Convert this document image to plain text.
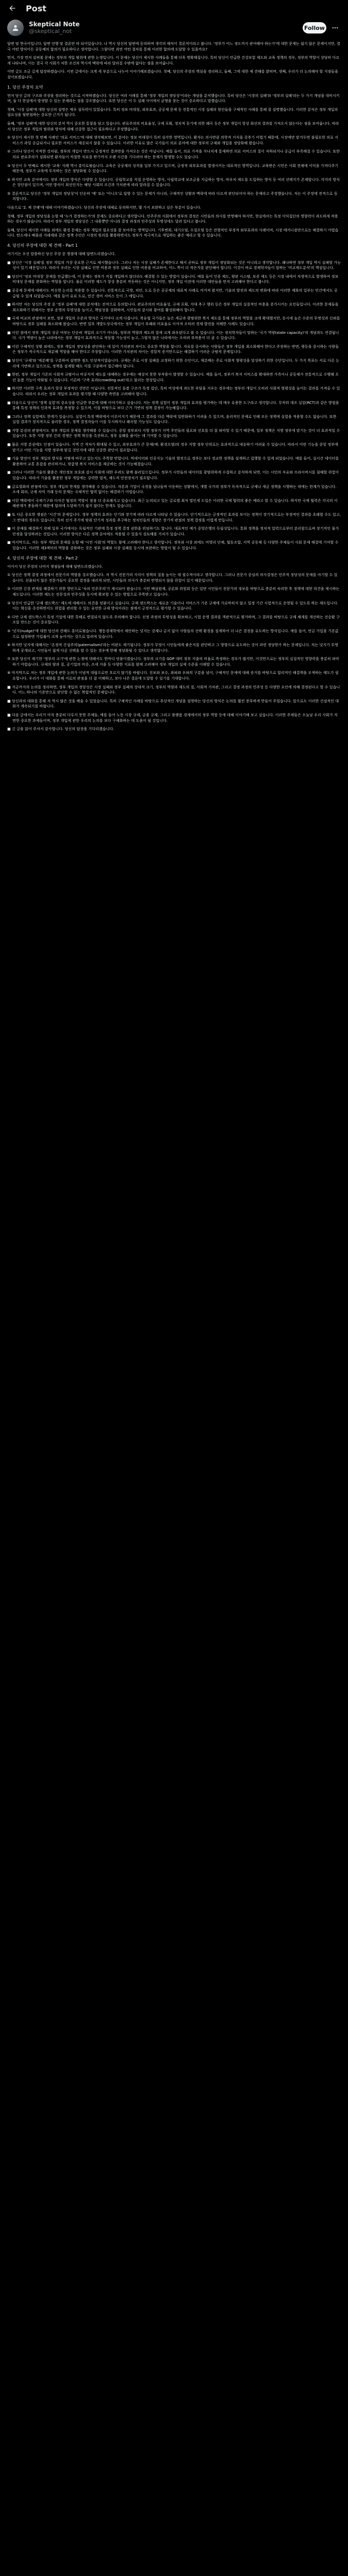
Post
Skeptical Note
@skeptical_not	Follow

답변 및 한국어입니다. 답변 언행 및 결론만 따 되어있습니다. 나 역시 당신의 답변에 동의하며 생각의 해석이 결론적이라고 봅니다. '정부가 어느 정도까지 관여해야 하는가'에 대한 문제는 쉽지 않은 문제이지만, 결국 어떤 방식이든 공동체의 합의가 필요하다고 생각합니다. 그렇다면 과연 어떤 절차를 통해 이러한 합의에 도달할 수 있을까요?

먼저, 가장 먼저 살펴볼 문제는 정부의 개입 범위에 관한 논쟁입니다. 이 문제는 당신이 제시한 사례들을 통해 더욱 명확해집니다. 특히 당신이 언급한 건강보험 제도와 교육 정책의 경우, 정부의 역할이 상당히 다르게 나타나며, 이는 결국 각 사회가 처한 조건과 역사적 맥락에 따라 달라질 수밖에 없다는 점을 보여줍니다.

이번 글도 조금 길게 답장하겠습니다. 이번 글에서는 크게 세 부분으로 나누어 이야기해보겠습니다. 첫째, 당신의 주장의 핵심을 정리하고, 둘째, 그에 대한 제 견해를 밝히며, 셋째, 우리가 더 논의해야 할 지점들을 짚어보겠습니다.

1. 당신 주장의 요약

먼저 당신 글의 구조와 주장을 정리하는 것으로 시작하겠습니다. 당신은 여러 사례를 통해 '정부 개입의 정당성'이라는 개념을 분석했습니다. 특히 당신은 '시장의 실패'와 '정부의 실패'라는 두 가지 개념을 대비시키며, 둘 다 현실에서 발생할 수 있는 문제라는 점을 강조했습니다. 또한 당신은 이 두 실패 사이에서 균형을 찾는 것이 중요하다고 말했습니다.

첫째, '시장 실패'에 대한 당신의 설명은 매우 설득력이 있었습니다. 특히 정보 비대칭, 외부효과, 공공재 문제 등 전통적인 시장 실패의 원인들을 구체적인 사례를 통해 잘 설명했습니다. 이러한 분석은 정부 개입의 필요성을 뒷받침하는 중요한 근거가 됩니다.

둘째, '정부 실패'에 대한 당신의 분석 역시 중요한 통찰을 담고 있습니다. 관료주의의 비효율성, 규제 포획, 정치적 동기에 의한 왜곡 등은 정부 개입이 항상 최선의 결과를 가져오지 않는다는 점을 보여줍니다. 따라서 당신은 정부 개입의 범위와 방식에 대해 신중한 접근이 필요하다고 주장했습니다.

① 당신이 제시한 첫 번째 사례인 '의료 서비스'에 대해 생각해보면, 이 분야는 정보 비대칭이 특히 심각한 영역입니다. 환자는 의사만큼 의학적 지식을 갖추기 어렵기 때문에, 시장에만 맡겨두면 불필요한 의료 서비스가 과잉 공급되거나 필요한 서비스가 제공되지 않을 수 있습니다. 이러한 이유로 많은 국가들이 의료 분야에 대한 정부의 규제와 개입을 정당화해 왔습니다.
② 그러나 당신이 지적한 것처럼, 정부의 개입이 반드시 긍정적인 결과만을 가져오는 것은 아닙니다. 예를 들어, 의료 가격을 지나치게 통제하면 의료 서비스의 질이 저하되거나 공급이 부족해질 수 있습니다. 또한 의료 관료주의가 심화되면 환자들이 적절한 치료를 받기까지 오랜 시간을 기다려야 하는 문제가 발생할 수도 있습니다.
③ 당신이 두 번째로 제시한 '교육' 사례 역시 흥미로웠습니다. 교육은 공공재의 성격을 일부 가지고 있으며, 긍정적 외부효과를 발생시키는 대표적인 영역입니다. 교육받은 시민은 사회 전체에 이익을 가져다주기 때문에, 정부가 교육에 투자하는 것은 정당화될 수 있습니다.
④ 하지만 교육 분야에서도 정부 개입의 방식은 다양할 수 있습니다. 공립학교를 직접 운영하는 방식, 사립학교에 보조금을 지급하는 방식, 바우처 제도를 도입하는 방식 등 여러 선택지가 존재합니다. 각각의 방식은 장단점이 있으며, 어떤 방식이 최선인지는 해당 사회의 조건과 가치관에 따라 달라질 수 있습니다.
⑤ 결론적으로 당신은 '정부 개입의 정당성'이 단순히 '예' 또는 '아니오'로 답할 수 있는 문제가 아니라, 구체적인 상황과 맥락에 따라 다르게 판단되어야 하는 문제라고 주장했습니다. 저는 이 주장에 전적으로 동의합니다.

다음으로 '2. 제 견해'에 대해 이야기하겠습니다. 당신의 주장에 대체로 동의하지만, 몇 가지 보완하고 싶은 부분이 있습니다.

첫째, 정부 개입의 정당성을 논할 때 '누가 결정하는가'의 문제도 중요하다고 생각합니다. 민주주의 사회에서 정부의 결정은 시민들의 의사를 반영해야 하지만, 현실에서는 특정 이익집단의 영향력이 과도하게 작용하는 경우가 많습니다. 따라서 정부 개입의 정당성은 그 내용뿐만 아니라 결정 과정의 민주성과 투명성에도 달려 있다고 봅니다.

둘째, 당신이 제시한 사례들 외에도 환경 문제는 정부 개입의 필요성을 잘 보여주는 영역입니다. 기후변화, 대기오염, 수질오염 등은 전형적인 부정적 외부효과의 사례이며, 시장 메커니즘만으로는 해결하기 어렵습니다. 탄소세나 배출권 거래제와 같은 정책 수단은 시장의 원리를 활용하면서도 정부가 적극적으로 개입하는 좋은 예라고 할 수 있습니다.

4. 당신의 주장에 대한 제 견해 - Part 1

여기서는 우선 말씀하신 당신 주장 중 쟁점에 대해 답변드리겠습니다.

■ 당신은 '시장 실패'를 정부 개입의 가장 중요한 근거로 제시했습니다. 그러나 저는 시장 실패가 존재한다고 해서 곧바로 정부 개입이 정당화되는 것은 아니라고 생각합니다. 왜냐하면 정부 개입 역시 실패할 가능성이 있기 때문입니다. 따라서 우리는 시장 실패로 인한 비용과 정부 실패로 인한 비용을 비교하여, 어느 쪽이 더 작은지를 판단해야 합니다. 이것이 바로 경제학자들이 말하는 '비교제도분석'의 핵심입니다.
■ 당신이 '정보 비대칭' 문제를 언급했는데, 이 문제는 정부가 직접 개입하지 않더라도 해결할 수 있는 방법이 있습니다. 예를 들어 인증 제도, 평판 시스템, 보증 제도 등은 시장 내에서 자생적으로 발생하여 정보 비대칭 문제를 완화하는 역할을 합니다. 물론 이러한 제도가 항상 충분히 작동하는 것은 아니지만, 정부 개입 이전에 이러한 대안들을 먼저 고려해야 한다고 봅니다.
■ 공공재 문제에 대해서도 비슷한 논리를 적용할 수 있습니다. 전통적으로 국방, 치안, 도로 등은 공공재의 대표적 사례로 여겨져 왔지만, 기술의 발전과 제도의 변화에 따라 이러한 재화의 일부는 민간에서도 공급될 수 있게 되었습니다. 예를 들어 유료 도로, 민간 경비 서비스 등이 그 예입니다.
■ 하지만 저는 당신의 주장 중 '정부 실패'에 대한 분석에는 전적으로 동의합니다. 관료주의의 비효율성, 규제 포획, 지대 추구 행위 등은 정부 개입의 실질적인 비용을 증가시키는 요인들입니다. 이러한 문제들을 최소화하기 위해서는 정부 운영의 투명성을 높이고, 책임성을 강화하며, 시민들의 감시와 참여를 활성화해야 합니다.
■ 국제 비교의 관점에서 보면, 정부 개입의 수준과 방식은 국가마다 크게 다릅니다. 북유럽 국가들은 높은 세금과 광범위한 복지 제도를 통해 정부의 역할을 크게 확대했지만, 동시에 높은 수준의 투명성과 신뢰를 바탕으로 정부 실패를 최소화해 왔습니다. 반면 일부 개발도상국에서는 정부 개입이 부패와 비효율로 이어져 오히려 경제 발전을 저해한 사례도 있습니다.
■ 이런 점에서 정부 개입의 성공 여부는 단순히 개입의 크기가 아니라, 정부의 역량과 제도의 질에 크게 좌우된다고 볼 수 있습니다. 이는 정치학자들이 말하는 '국가 역량(state capacity)'의 개념과도 연결됩니다. 국가 역량이 높은 나라에서는 정부 개입이 효과적으로 작동할 가능성이 높고, 그렇지 않은 나라에서는 오히려 부작용이 더 클 수 있습니다.
■ 이런 구체적인 상황 외에도, 정부 개입의 정당성을 판단하는 데 있어 가치관의 차이도 중요한 역할을 합니다. 자유를 중시하는 사람들은 정부 개입을 최소화해야 한다고 주장하는 반면, 평등을 중시하는 사람들은 정부가 적극적으로 재분배 역할을 해야 한다고 주장합니다. 이러한 가치관의 차이는 경험적 증거만으로는 해결하기 어려운 규범적 문제입니다.
■ 당신이 '규제'와 '재분배'를 구분하여 설명한 점도 인상적이었습니다. 규제는 주로 시장 실패를 교정하기 위한 수단이고, 재분배는 주로 사회적 형평성을 달성하기 위한 수단입니다. 두 가지 목표는 서로 다른 논리에 기반하고 있으므로, 정책을 설계할 때도 이를 구분하여 접근해야 합니다.
■ 한편, 정부 개입이 기존의 사회적 규범이나 비공식적 제도를 대체하는 경우에는 예상치 못한 부작용이 발생할 수 있습니다. 예를 들어, 정부가 복지 서비스를 확대하면 가족이나 공동체가 전통적으로 수행해 오던 돌봄 기능이 약화될 수 있습니다. 이른바 '구축 효과(crowding out)'라고 불리는 현상입니다.
■ 하지만 이러한 구축 효과가 항상 부정적인 것만은 아닙니다. 전통적인 돌봄 구조가 특정 집단, 특히 여성에게 과도한 부담을 지우는 경우에는 정부의 개입이 오히려 사회적 형평성을 높이는 결과를 가져올 수 있습니다. 따라서 우리는 정부 개입의 효과를 평가할 때 다양한 측면을 고려해야 합니다.
■ 다음으로 당신이 '정책 실험'의 중요성을 언급한 부분에 대해 이야기하고 싶습니다. 저는 정책 실험이 정부 개입의 효과를 평가하는 데 매우 유용한 도구라고 생각합니다. 무작위 대조 실험(RCT)과 같은 방법을 통해 특정 정책의 인과적 효과를 측정할 수 있으며, 이를 바탕으로 보다 근거 기반의 정책 결정이 가능해집니다.
■ 그러나 정책 실험에도 한계가 있습니다. 실험이 특정 맥락에서 이루어지기 때문에 그 결과를 다른 맥락에 일반화하기 어려울 수 있으며, 윤리적인 문제로 인해 모든 정책에 실험을 적용할 수도 없습니다. 또한 실험 결과가 정치적으로 불리한 경우, 정책 결정자들이 이를 무시하거나 왜곡할 가능성도 있습니다.
■ 지방 분권의 관점에서도 정부 개입의 문제를 생각해볼 수 있습니다. 중앙 정부보다 지방 정부가 지역 주민들의 필요와 선호를 더 잘 파악할 수 있기 때문에, 일부 정책은 지방 정부에 맡기는 것이 더 효과적일 수 있습니다. 또한 지방 정부 간의 경쟁은 정책 혁신을 촉진하고, 정부 실패를 줄이는 데 기여할 수 있습니다.
■ 물론 지방 분권에도 단점이 있습니다. 지역 간 격차가 확대될 수 있고, 외부효과가 큰 문제(예: 환경오염)의 경우 지방 정부 단위로는 효과적으로 대응하기 어려울 수 있습니다. 따라서 어떤 기능을 중앙 정부에 맡기고 어떤 기능을 지방 정부에 맡길 것인지에 대한 신중한 판단이 필요합니다.
■ 기술 발전이 정부 개입의 방식을 어떻게 바꾸고 있는지도 주목할 만합니다. 빅데이터와 인공지능 기술의 발전으로 정부는 보다 정교한 정책을 설계하고 집행할 수 있게 되었습니다. 예를 들어, 실시간 데이터를 활용하여 교통 혼잡을 관리하거나, 맞춤형 복지 서비스를 제공하는 것이 가능해졌습니다.
■ 그러나 이러한 기술의 활용은 개인정보 보호와 감시 사회에 대한 우려도 함께 불러일으킵니다. 정부가 시민들의 데이터를 광범위하게 수집하고 분석하게 되면, 이는 시민의 자유와 프라이버시를 침해할 위험이 있습니다. 따라서 기술을 활용한 정부 개입에는 강력한 법적, 제도적 안전장치가 필요합니다.
■ 글로벌화의 관점에서도 정부 개입의 한계를 생각해볼 수 있습니다. 자본과 기업이 국경을 넘나들며 이동하는 상황에서, 개별 국가의 정부가 독자적으로 규제나 세금 정책을 시행하는 데에는 한계가 있습니다. 조세 회피, 규제 차익 거래 등의 문제는 국제적인 협력 없이는 해결하기 어렵습니다.
■ 이런 맥락에서 국제기구와 다자간 협정의 역할이 점점 더 중요해지고 있습니다. 최근 논의되고 있는 글로벌 최저 법인세 도입은 이러한 국제 협력의 좋은 예라고 할 수 있습니다. 하지만 국제 협력은 각국의 이해관계가 충돌하기 때문에 합의에 도달하기가 쉽지 않다는 한계도 있습니다.
■ 또 다른 중요한 쟁점은 '시간'의 문제입니다. 정부 정책의 효과는 단기와 장기에 따라 다르게 나타날 수 있습니다. 단기적으로는 긍정적인 효과를 보이는 정책이 장기적으로는 부정적인 결과를 초래할 수도 있고, 그 반대의 경우도 있습니다. 특히 선거 주기에 맞춰 단기적 성과를 추구하는 정치인들의 경향은 장기적 관점의 정책 결정을 어렵게 만듭니다.
■ 이 문제를 해결하기 위해 일부 국가에서는 독립적인 기관에 특정 정책 결정 권한을 위임하기도 합니다. 대표적인 예가 중앙은행의 독립성입니다. 통화 정책을 정치적 압력으로부터 분리함으로써 장기적인 물가 안정을 달성하려는 것입니다. 이러한 방식은 다른 정책 분야에도 적용될 수 있을지 검토해볼 가치가 있습니다.
■ 마지막으로, 저는 정부 개입의 문제를 논할 때 '시민 사회'의 역할도 함께 고려해야 한다고 생각합니다. 정부와 시장 외에도 비영리 단체, 협동조합, 지역 공동체 등 다양한 주체들이 사회 문제 해결에 기여할 수 있습니다. 이러한 제3섹터의 역할을 강화하는 것은 정부 실패와 시장 실패를 동시에 보완하는 방법이 될 수 있습니다.
4. 당신의 주장에 대한 제 견해 - Part 2

이어서 당신 주장의 나머지 쟁점들에 대해 답변드리겠습니다.

① 당신은 정책 결정 과정에서 전문가의 역할을 강조했습니다. 저 역시 전문가의 지식이 정책의 질을 높이는 데 필수적이라고 생각합니다. 그러나 전문가 중심의 의사결정은 민주적 정당성의 문제를 야기할 수 있습니다. 선출되지 않은 전문가들이 중요한 결정을 내리게 되면, 시민들의 의사가 충분히 반영되지 않을 위험이 있기 때문입니다.
② 이러한 긴장 관계를 해결하기 위한 방안으로 '숙의 민주주의'가 제시되어 왔습니다. 시민 배심원제, 공론화 위원회 등은 일반 시민들이 전문가의 정보를 바탕으로 충분히 숙의한 후 정책에 대한 의견을 제시하는 제도입니다. 이러한 제도는 전문성과 민주성을 동시에 확보할 수 있는 방법으로 주목받고 있습니다.
③ 당신이 언급한 '규제 샌드박스' 제도에 대해서도 의견을 덧붙이고 싶습니다. 규제 샌드박스는 새로운 기술이나 서비스가 기존 규제에 가로막히지 않고 일정 기간 시험적으로 운영될 수 있도록 하는 제도입니다. 이는 혁신을 촉진하면서도 위험을 관리할 수 있는 유연한 규제 방식이라는 점에서 긍정적으로 평가할 수 있습니다.
④ 다만 규제 샌드박스가 특정 기업에 대한 특혜로 변질되지 않도록 주의해야 합니다. 선정 과정의 투명성을 확보하고, 시험 운영 결과를 객관적으로 평가하며, 그 결과를 바탕으로 규제 체계를 개선하는 선순환 구조를 만드는 것이 중요합니다.
⑤ '넛지(nudge)'에 대한 당신의 견해도 흥미로웠습니다. 행동경제학에서 제안하는 넛지는 강제나 금지 없이 사람들의 선택 환경을 설계하여 더 나은 결정을 유도하는 방식입니다. 예를 들어, 연금 가입을 기본값으로 설정하면 가입률이 크게 높아지는 것으로 알려져 있습니다.
⑥ 하지만 넛지에 대해서는 '온정적 간섭주의(paternalism)'라는 비판도 제기됩니다. 정부가 무엇이 시민들에게 좋은지를 판단하고 그 방향으로 유도하는 것이 과연 정당한가 하는 문제입니다. 저는 넛지가 투명하게 공개되고, 시민들이 쉽게 다른 선택을 할 수 있는 경우에 한해 정당화될 수 있다고 생각합니다.
⑦ 또한 당신이 제기한 '정부의 크기'에 관한 논쟁에 대해서도 한마디 덧붙이겠습니다. 정부의 크기를 GDP 대비 정부 지출의 비율로 측정하는 경우가 많지만, 이것만으로는 정부의 실질적인 영향력을 충분히 파악하기 어렵습니다. 규제의 양과 질, 공기업의 비중, 조세 지출 등 다양한 지표를 함께 고려해야 정부 개입의 실제 수준을 이해할 수 있습니다.
⑧ 마지막으로 저는 정부 개입에 관한 논의가 이념적 대립으로만 흐르지 않기를 바랍니다. 진보와 보수, 좌파와 우파의 구분을 넘어, 구체적인 문제에 대해 증거를 바탕으로 합리적인 해결책을 모색하는 태도가 필요합니다. 우리가 이 대화를 통해 서로의 관점을 더 잘 이해하고, 보다 나은 결론에 도달할 수 있기를 기대합니다.
■ 지금까지의 논의를 정리하면, 정부 개입의 정당성은 시장 실패와 정부 실패의 상대적 크기, 정부의 역량과 제도의 질, 사회적 가치관, 그리고 결정 과정의 민주성 등 다양한 요인에 의해 결정된다고 할 수 있습니다. 어느 하나의 기준만으로 판단할 수 없는 복합적인 문제입니다.
■ 당신과의 대화를 통해 저 역시 많은 것을 배울 수 있었습니다. 특히 구체적인 사례를 바탕으로 추상적인 개념을 설명하는 당신의 방식은 논의를 훨씬 풍부하게 만들어 주었습니다. 앞으로도 이러한 건설적인 대화가 계속되기를 바랍니다.
■ 다음 글에서는 우리가 아직 충분히 다루지 못한 주제들, 예를 들어 노동 시장 규제, 금융 규제, 그리고 플랫폼 경제에서의 정부 역할 등에 대해 이야기해 보고 싶습니다. 이러한 주제들은 오늘날 우리 사회가 직면한 중요한 과제들이며, 정부 개입에 관한 우리의 논의를 보다 구체화하는 데 도움이 될 것입니다.
■ 긴 글을 읽어 주셔서 감사합니다. 당신의 답장을 기다리겠습니다.
